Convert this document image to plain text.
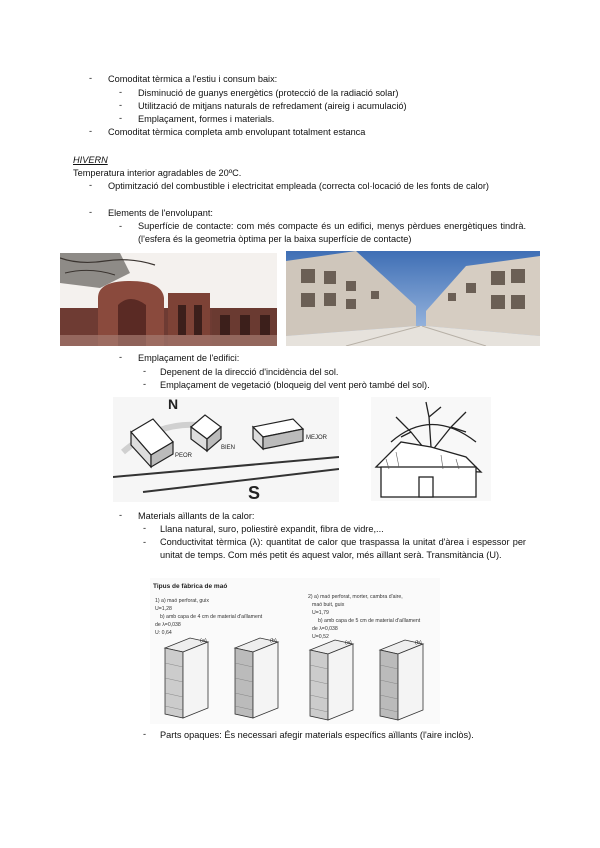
- Comoditat tèrmica a l'estiu i consum baix:
- Disminució de guanys energètics (protecció de la radiació solar)
- Utilització de mitjans naturals de refredament (aireig i acumulació)
- Emplaçament, formes i materials.
- Comoditat tèrmica completa amb envolupant totalment estanca
HIVERN
Temperatura interior agradables de 20ºC.
- Optimització del combustible i electricitat empleada (correcta col·locació de les fonts de calor)
- Elements de l'envolupant:
- Superfície de contacte: com més compacte és un edifici, menys pèrdues energètiques tindrà. (l'esfera és la geometria òptima per la baixa superfície de contacte)
- Emplaçament de l'edifici:
- Depenent de la direcció d'incidència del sol.
- Emplaçament de vegetació (bloqueig del vent però també del sol).
N
S
PEOR
BIEN
MEJOR
- Materials aïllants de la calor:
- Llana natural, suro, poliestirè expandit, fibra de vidre,...
- Conductivitat tèrmica (λ): quantitat de calor que traspassa la unitat d'àrea i espessor per unitat de temps. Com més petit és aquest valor, més aïllant serà. Transmitància (U).
Tipus de fàbrica de maó
1) a) maó perforat, guix
U=1,28
b) amb capa de 4 cm de material d'aïllament
de λ=0,038
U: 0,64
2) a) maó perforat, morter, cambra d'aire,
maó buit, guix
U=1,79
b) amb capa de 5 cm de material d'aïllament
de λ=0,038
U=0,52
(a)	(b)	(a)	(b)
- Parts opaques: És necessari afegir materials específics aïllants (l'aire inclòs).
